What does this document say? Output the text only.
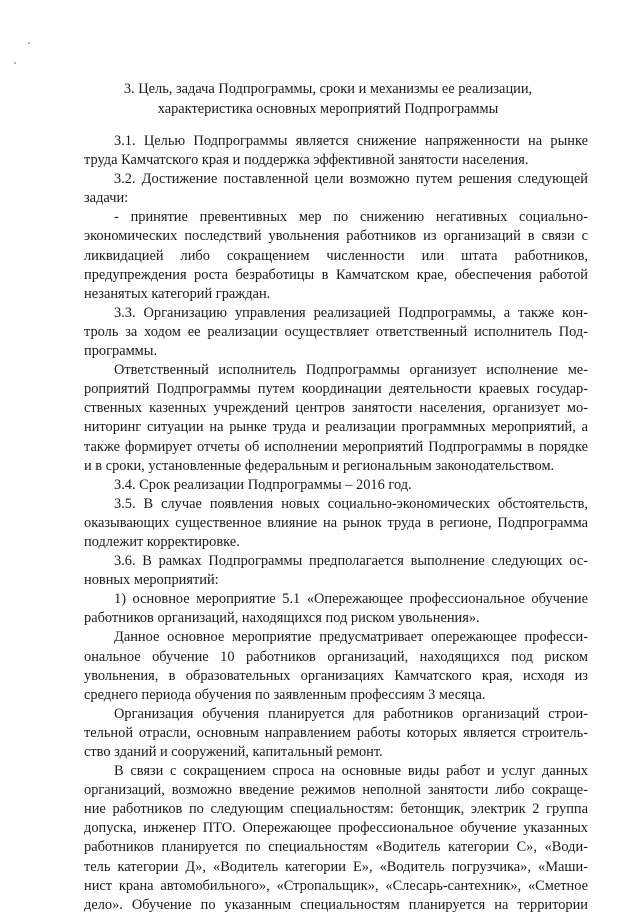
3. Цель, задача Подпрограммы, сроки и механизмы ее реализации,
характеристика основных мероприятий Подпрограммы
3.1. Целью Подпрограммы является снижение напряженности на рынке
труда Камчатского края и поддержка эффективной занятости населения.
3.2. Достижение поставленной цели возможно путем решения следующей
задачи:
- принятие превентивных мер по снижению негативных социально-
экономических последствий увольнения работников из организаций в связи с
ликвидацией либо сокращением численности или штата работников,
предупреждения роста безработицы в Камчатском крае, обеспечения работой
незанятых категорий граждан.
3.3. Организацию управления реализацией Подпрограммы, а также кон-
троль за ходом ее реализации осуществляет ответственный исполнитель Под-
программы.
Ответственный исполнитель Подпрограммы организует исполнение ме-
роприятий Подпрограммы путем координации деятельности краевых государ-
ственных казенных учреждений центров занятости населения, организует мо-
ниторинг ситуации на рынке труда и реализации программных мероприятий, а
также формирует отчеты об исполнении мероприятий Подпрограммы в порядке
и в сроки, установленные федеральным и региональным законодательством.
3.4. Срок реализации Подпрограммы – 2016 год.
3.5. В случае появления новых социально-экономических обстоятельств,
оказывающих существенное влияние на рынок труда в регионе, Подпрограмма
подлежит корректировке.
3.6. В рамках Подпрограммы предполагается выполнение следующих ос-
новных мероприятий:
1) основное мероприятие 5.1 «Опережающее профессиональное обучение
работников организаций, находящихся под риском увольнения».
Данное основное мероприятие предусматривает опережающее професси-
ональное обучение 10 работников организаций, находящихся под риском
увольнения, в образовательных организациях Камчатского края, исходя из
среднего периода обучения по заявленным профессиям 3 месяца.
Организация обучения планируется для работников организаций строи-
тельной отрасли, основным направлением работы которых является строитель-
ство зданий и сооружений, капитальный ремонт.
В связи с сокращением спроса на основные виды работ и услуг данных
организаций, возможно введение режимов неполной занятости либо сокраще-
ние работников по следующим специальностям: бетонщик, электрик 2 группа
допуска, инженер ПТО. Опережающее профессиональное обучение указанных
работников планируется по специальностям «Водитель категории С», «Води-
тель категории Д», «Водитель категории Е», «Водитель погрузчика», «Маши-
нист крана автомобильного», «Стропальщик», «Слесарь-сантехник», «Сметное
дело». Обучение по указанным специальностям планируется на территории
